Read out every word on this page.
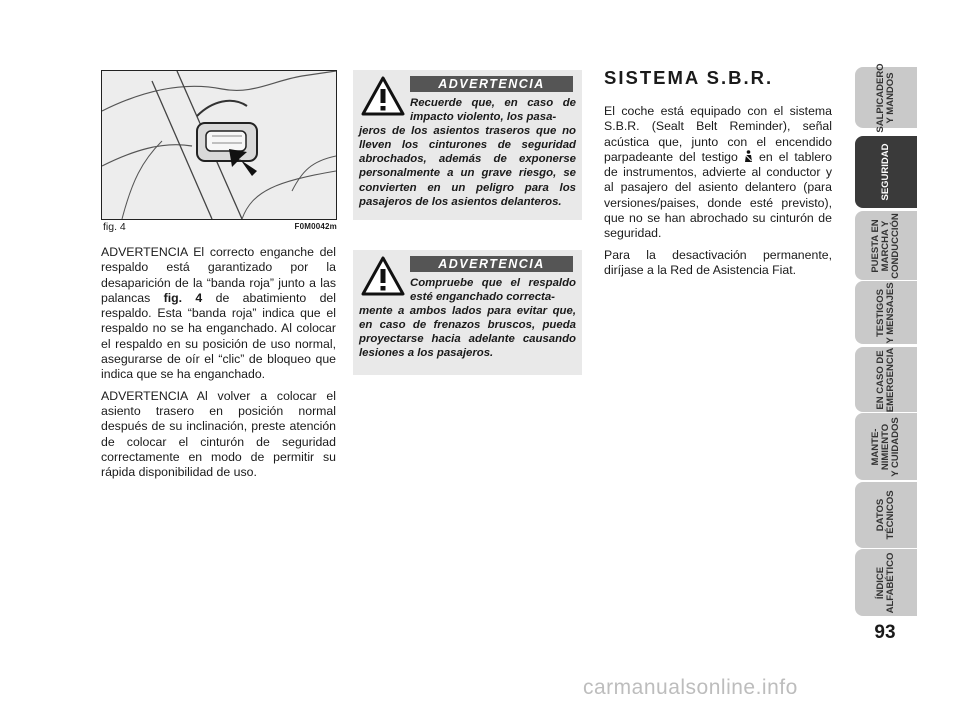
fig. 4	F0M0042m

ADVERTENCIA El correcto enganche del respaldo está garantizado por la desaparición de la “banda roja” junto a las palancas fig. 4 de abatimiento del respaldo. Esta “banda roja” indica que el respaldo no se ha enganchado. Al colocar el respaldo en su posición de uso normal, asegurarse de oír el “clic” de bloqueo que indica que se ha enganchado.

ADVERTENCIA Al volver a colocar el asiento trasero en posición normal después de su inclinación, preste atención de colocar el cinturón de seguridad correctamente en modo de permitir su rápida disponibilidad de uso.

ADVERTENCIA
Recuerde que, en caso de impacto violento, los pasa-
jeros de los asientos traseros que no lleven los cinturones de seguridad abrochados, además de exponerse personalmente a un grave riesgo, se convierten en un peligro para los pasajeros de los asientos delanteros.
ADVERTENCIA
Compruebe que el respaldo esté enganchado correcta-
mente a ambos lados para evitar que, en caso de frenazos bruscos, pueda proyectarse hacia adelante causando lesiones a los pasajeros.
SISTEMA S.B.R.

El coche está equipado con el sistema S.B.R. (Sealt Belt Reminder), señal acústica que, junto con el encendido parpadeante del testigo  en el tablero de instrumentos, advierte al conductor y al pasajero del asiento delantero (para versiones/paises, donde esté previsto), que no se han abrochado su cinturón de seguridad.

Para la desactivación permanente, diríjase a la Red de Asistencia Fiat.

SALPICADERO
Y MANDOS
SEGURIDAD
PUESTA EN
MARCHA Y
CONDUCCIÓN
TESTIGOS
Y MENSAJES
EN CASO DE
EMERGENCIA
MANTE-
NIMIENTO
Y CUIDADOS
DATOS
TÉCNICOS
ÍNDICE
ALFABÉTICO
93
carmanualsonline.info
